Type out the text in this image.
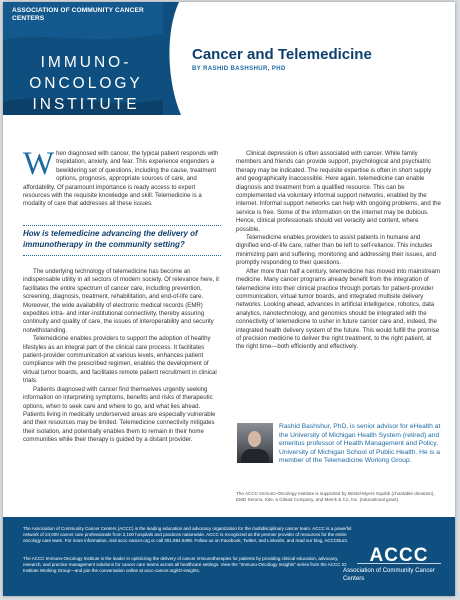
ASSOCIATION OF COMMUNITY CANCER CENTERS
IMMUNO-
ONCOLOGY
INSTITUTE
Cancer and Telemedicine
BY RASHID BASHSHUR, PHD

When diagnosed with cancer, the typical patient responds with trepidation, anxiety, and fear. This experience engenders a bewildering set of questions, including the cause, treatment options, prognosis, appropriate sources of care, and affordability. Of paramount importance is ready access to expert resources with the requisite knowledge and skill. Telemedicine is a modality of care that addresses all these issues.

How is telemedicine advancing the delivery of immunotherapy in the community setting?

The underlying technology of telemedicine has become an indispensable utility in all sectors of modern society. Of relevance here, it facilitates the entire spectrum of cancer care, including prevention, screening, diagnosis, treatment, rehabilitation, and end-of-life care. Moreover, the wide availability of electronic medical records (EMR) expedites intra- and inter-institutional connectivity, thereby assuring continuity and quality of care, the issues of interoperability and security notwithstanding.

Telemedicine enables providers to support the adoption of healthy lifestyles as an integral part of the clinical care process. It facilitates patient-provider communication at various levels, enhances patient compliance with the prescribed regimen, enables the development of virtual tumor boards, and facilitates remote patient recruitment in clinical trials.

Patients diagnosed with cancer find themselves urgently seeking information on interpreting symptoms, benefits and risks of therapeutic options, when to seek care and where to go, and what lies ahead. Patients living in medically underserved areas are especially vulnerable and their resources may be limited. Telemedicine connectivity mitigates their isolation, and potentially enables them to remain in their home communities while their therapy is guided by a distant provider.

Clinical depression is often associated with cancer. While family members and friends can provide support, psychological and psychiatric therapy may be indicated. The requisite expertise is often in short supply and geographically inaccessible. Here again, telemedicine can enable diagnosis and treatment from a qualified resource. This can be complemented via voluntary informal support networks, enabled by the internet. Informal support networks can help with ongoing problems, and the service is free. Some of the information on the internet may be dubious. Hence, clinical professionals should vet veracity and content, where possible.

Telemedicine enables providers to assist patients in humane and dignified end-of-life care, rather than be left to self-reliance. This includes minimizing pain and suffering, monitoring and addressing their issues, and promptly responding to their questions.

After more than half a century, telemedicine has moved into mainstream medicine. Many cancer programs already benefit from the integration of telemedicine into their clinical practice through portals for patient-provider communication, virtual tumor boards, and integrated multisite delivery networks. Looking ahead, advances in artificial intelligence, robotics, data analytics, nanotechnology, and genomics should be integrated with the connectivity of telemedicine to usher in future cancer care and, indeed, the integrated health delivery system of the future. This would fulfill the promise of precision medicine to deliver the right treatment, to the right patient, at the right time—both efficiently and effectively.

Rashid Bashshur, PhD, is senior advisor for eHealth at the University of Michigan Health System (retired) and emeritus professor of Health Management and Policy, University of Michigan School of Public Health. He is a member of the Telemedicine Working Group.
The ACCC Immuno-Oncology Institute is supported by Bristol-Myers Squibb (charitable donation), EMD Serono, Kite, a Gilead Company, and Merck & Co, Inc. (educational grant).
The Association of Community Cancer Centers (ACCC) is the leading education and advocacy organization for the multidisciplinary cancer team. ACCC is a powerful network of 24,000 cancer care professionals from 2,100 hospitals and practices nationwide. ACCC is recognized as the premier provider of resources for the entire oncology care team. For more information, visit accc-cancer.org or call 301.984.9496. Follow us on Facebook, Twitter, and LinkedIn, and read our blog, ACCCBuzz.
The ACCC Immuno-Oncology Institute is the leader in optimizing the delivery of cancer immunotherapies for patients by providing clinical education, advocacy, research, and practice management solutions for cancer care teams across all healthcare settings. View the "Immuno-Oncology Insights" series from the ACCC IO Institute Working Group—and join the conversation online at accc-cancer.org/IO-insights.
ACCC
Association of Community Cancer Centers
